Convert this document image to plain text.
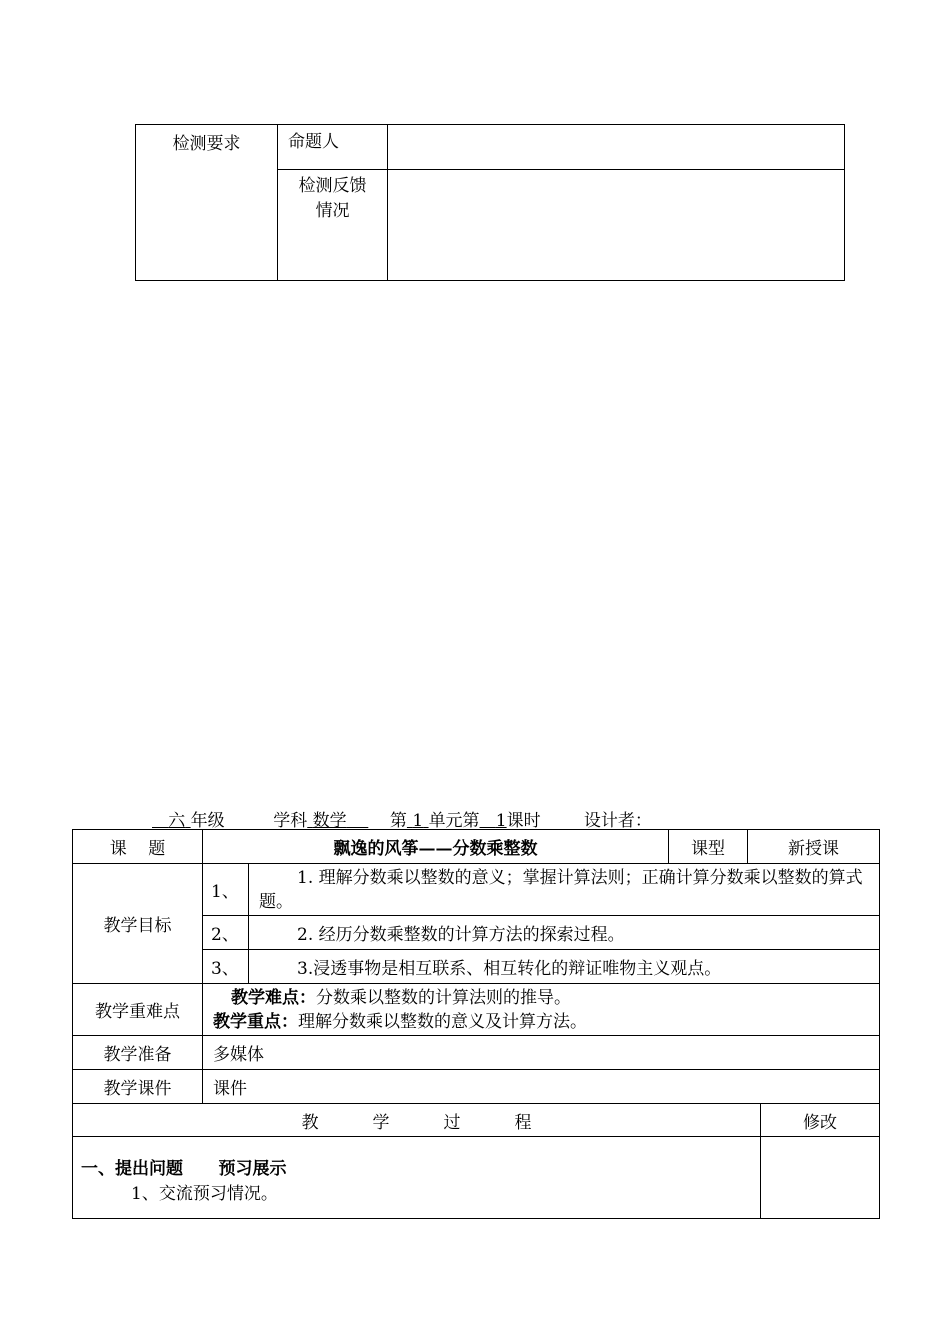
检测要求	命题人	

	检测反馈
情况	

六 年级	学科 数学	第 1 单元第 1课时	设计者：
课    题	飘逸的风筝——分数乘整数		课型	新授课	
教学目标	1、	1. 理解分数乘以整数的意义；掌握计算法则；正确计算分数乘以整数的算式题。			
	2、	2. 经历分数乘整数的计算方法的探索过程。			
	3、	3.浸透事物是相互联系、相互转化的辩证唯物主义观点。			
教学重难点	教学难点：分数乘以整数的计算法则的推导。
教学重点：理解分数乘以整数的意义及计算方法。				

教学准备	多媒体				
教学课件	课件				
教          学          过          程					修改

一、提出问题      预习展示
1、交流预习情况。					
